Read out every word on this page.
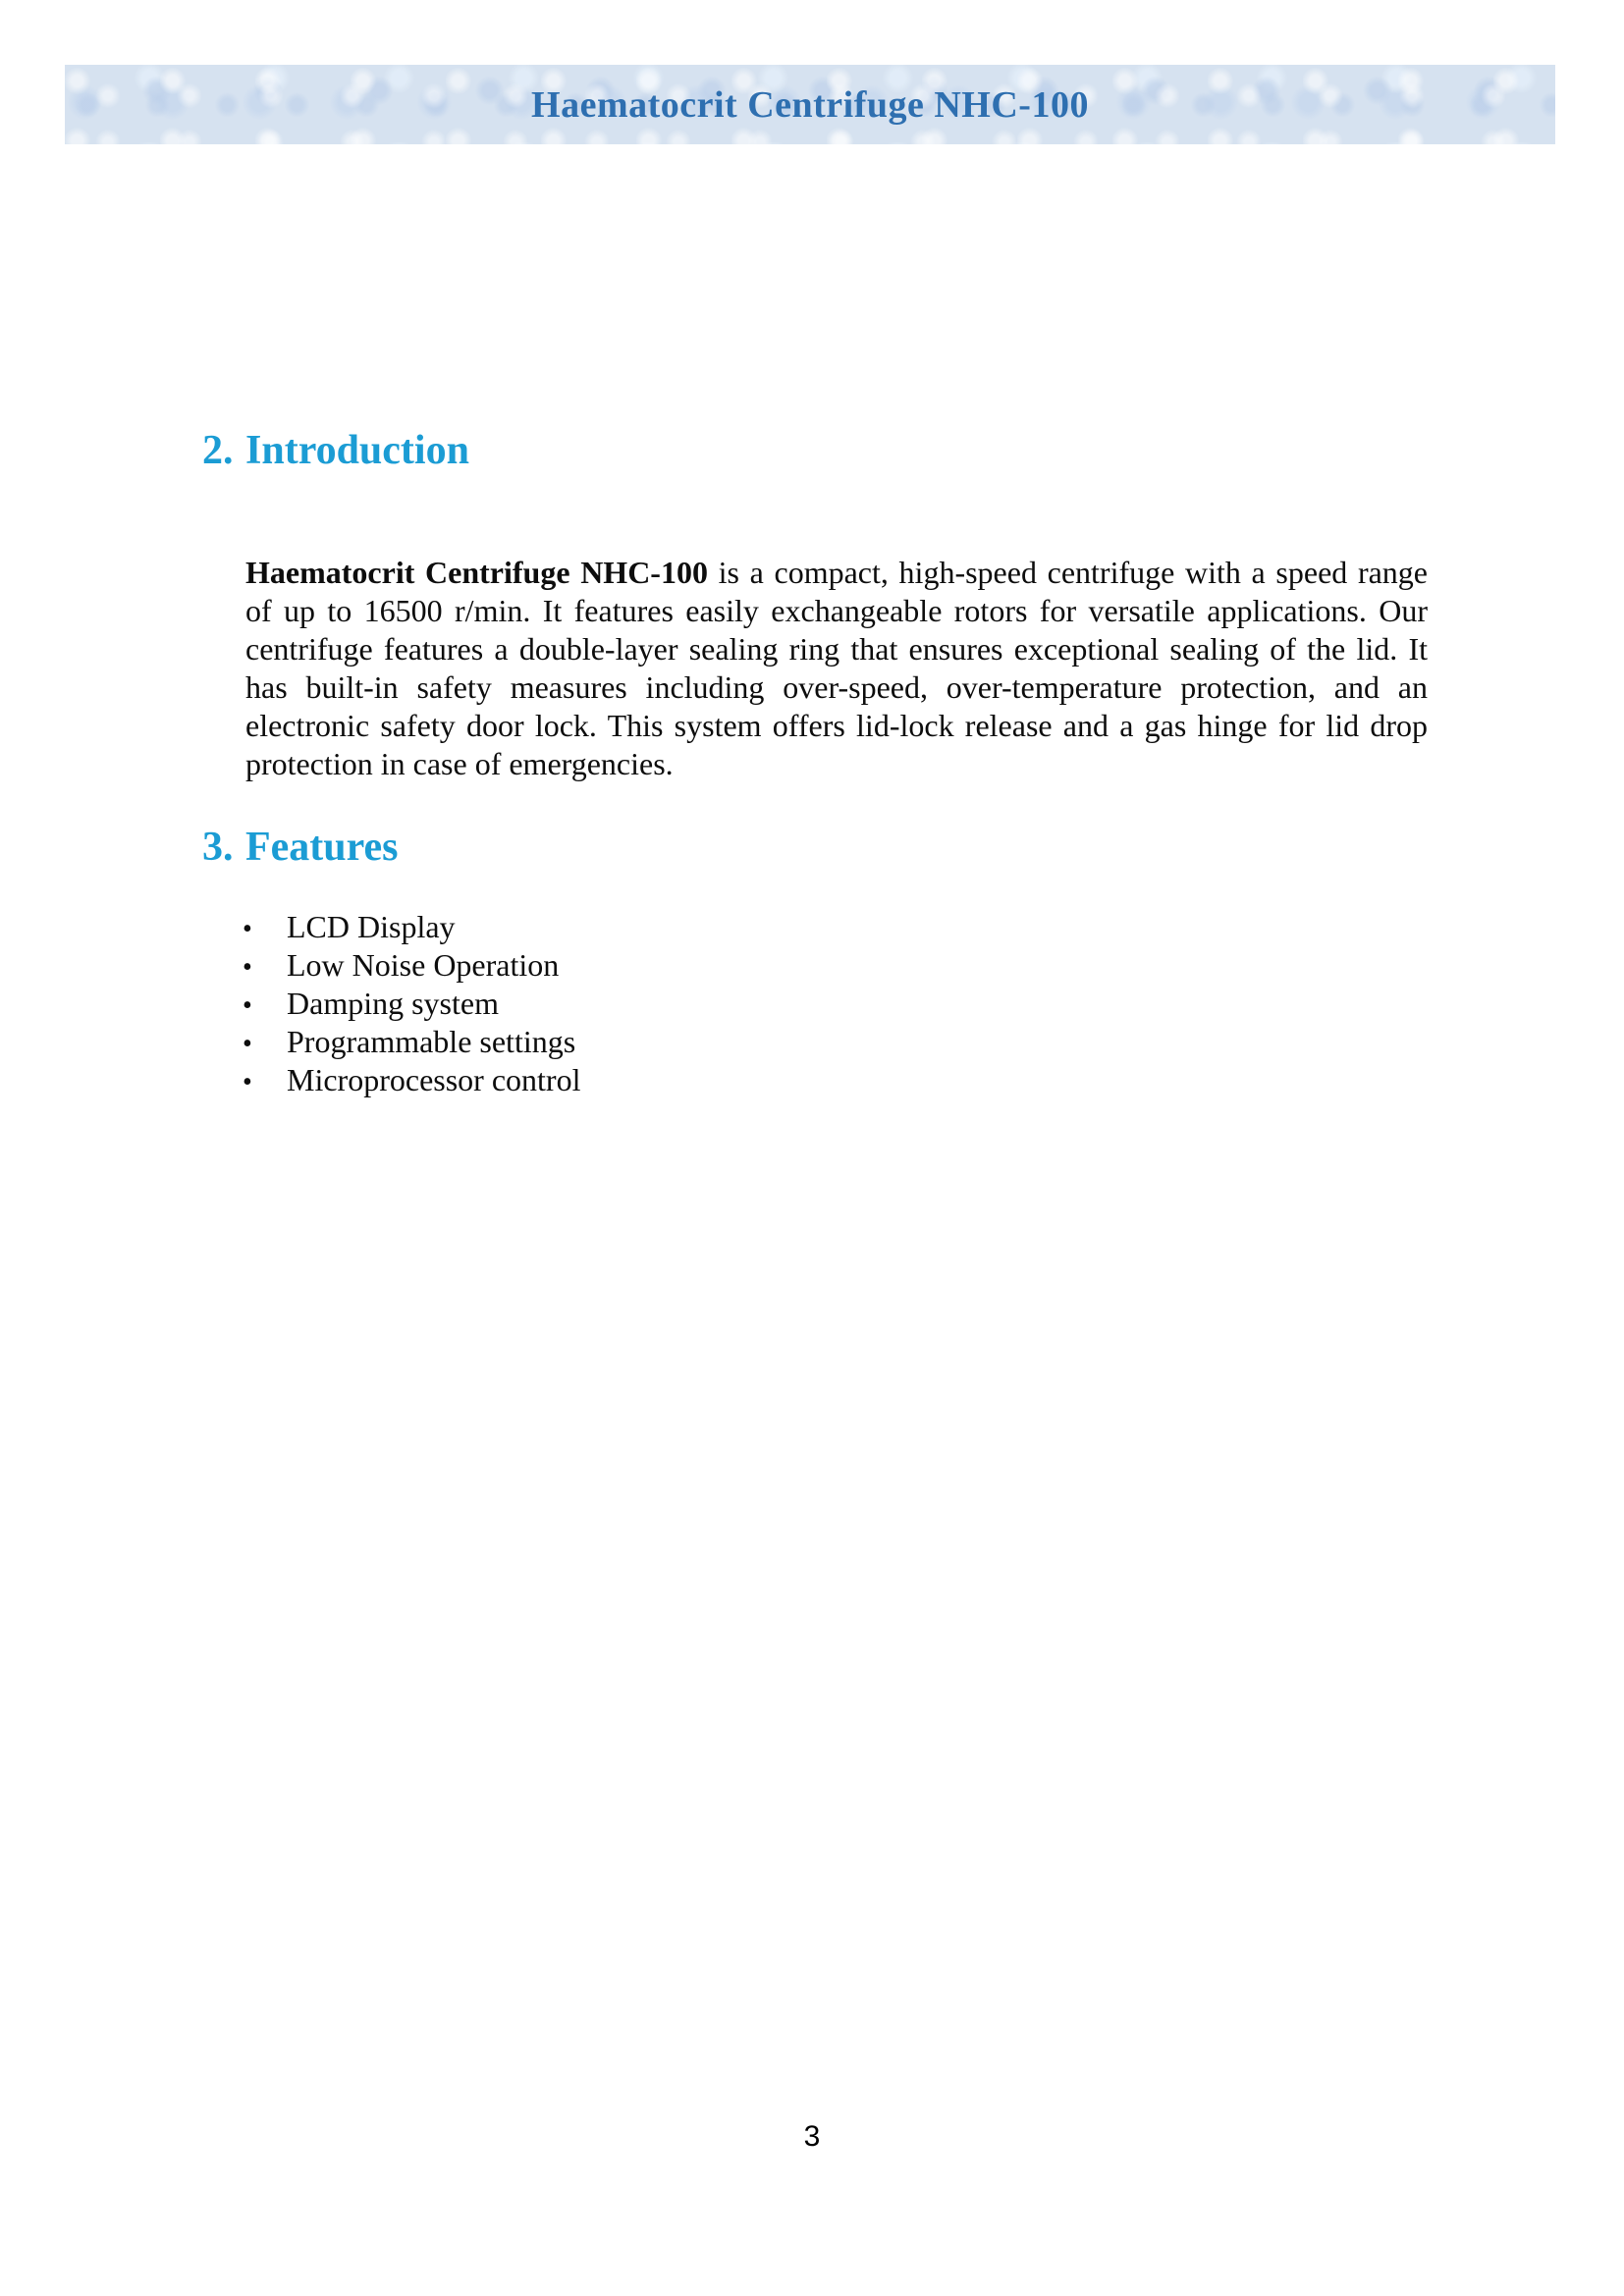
Haematocrit Centrifuge NHC-100
2. Introduction

Haematocrit Centrifuge NHC-100 is a compact, high-speed centrifuge with a speed range of up to 16500 r/min. It features easily exchangeable rotors for versatile applications. Our centrifuge features a double-layer sealing ring that ensures exceptional sealing of the lid. It has built-in safety measures including over-speed, over-temperature protection, and an electronic safety door lock. This system offers lid-lock release and a gas hinge for lid drop protection in case of emergencies.

3. Features
•	LCD Display
•	Low Noise Operation
•	Damping system
•	Programmable settings
•	Microprocessor control
3
